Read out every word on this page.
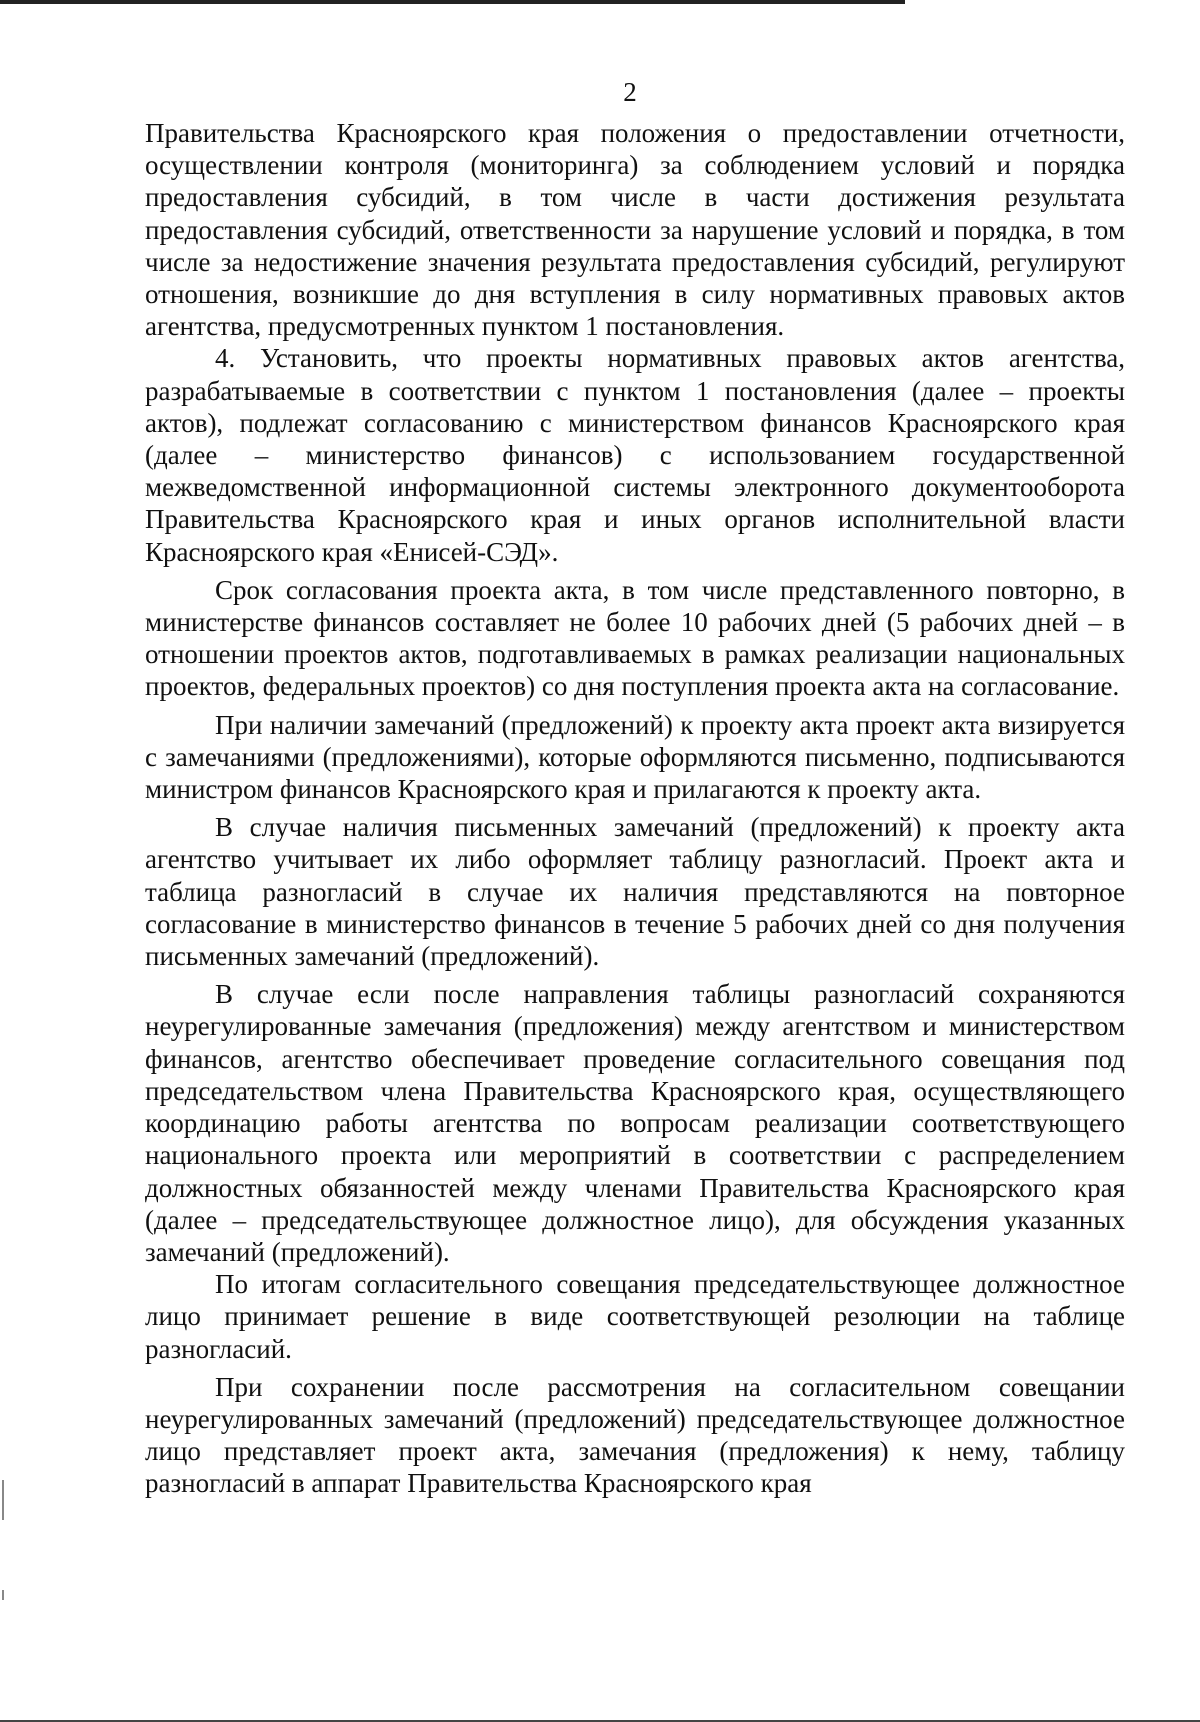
2

Правительства Красноярского края положения о предоставлении отчетности, осуществлении контроля (мониторинга) за соблюдением условий и порядка предоставления субсидий, в том числе в части достижения результата предоставления субсидий, ответственности за нарушение условий и порядка, в том числе за недостижение значения результата предоставления субсидий, регулируют отношения, возникшие до дня вступления в силу нормативных правовых актов агентства, предусмотренных пунктом 1 постановления.

4. Установить, что проекты нормативных правовых актов агентства, разрабатываемые в соответствии с пунктом 1 постановления (далее – проекты актов), подлежат согласованию с министерством финансов Красноярского края (далее – министерство финансов) с использованием государственной межведомственной информационной системы электронного документооборота Правительства Красноярского края и иных органов исполнительной власти Красноярского края «Енисей-СЭД».

Срок согласования проекта акта, в том числе представленного повторно, в министерстве финансов составляет не более 10 рабочих дней (5 рабочих дней – в отношении проектов актов, подготавливаемых в рамках реализации национальных проектов, федеральных проектов) со дня поступления проекта акта на согласование.

При наличии замечаний (предложений) к проекту акта проект акта визируется с замечаниями (предложениями), которые оформляются письменно, подписываются министром финансов Красноярского края и прилагаются к проекту акта.

В случае наличия письменных замечаний (предложений) к проекту акта агентство учитывает их либо оформляет таблицу разногласий. Проект акта и таблица разногласий в случае их наличия представляются на повторное согласование в министерство финансов в течение 5 рабочих дней со дня получения письменных замечаний (предложений).

В случае если после направления таблицы разногласий сохраняются неурегулированные замечания (предложения) между агентством и министерством финансов, агентство обеспечивает проведение согласительного совещания под председательством члена Правительства Красноярского края, осуществляющего координацию работы агентства по вопросам реализации соответствующего национального проекта или мероприятий в соответствии с распределением должностных обязанностей между членами Правительства Красноярского края (далее – председательствующее должностное лицо), для обсуждения указанных замечаний (предложений).

По итогам согласительного совещания председательствующее должностное лицо принимает решение в виде соответствующей резолюции на таблице разногласий.

При сохранении после рассмотрения на согласительном совещании неурегулированных замечаний (предложений) председательствующее должностное лицо представляет проект акта, замечания (предложения) к нему, таблицу разногласий в аппарат Правительства Красноярского края
